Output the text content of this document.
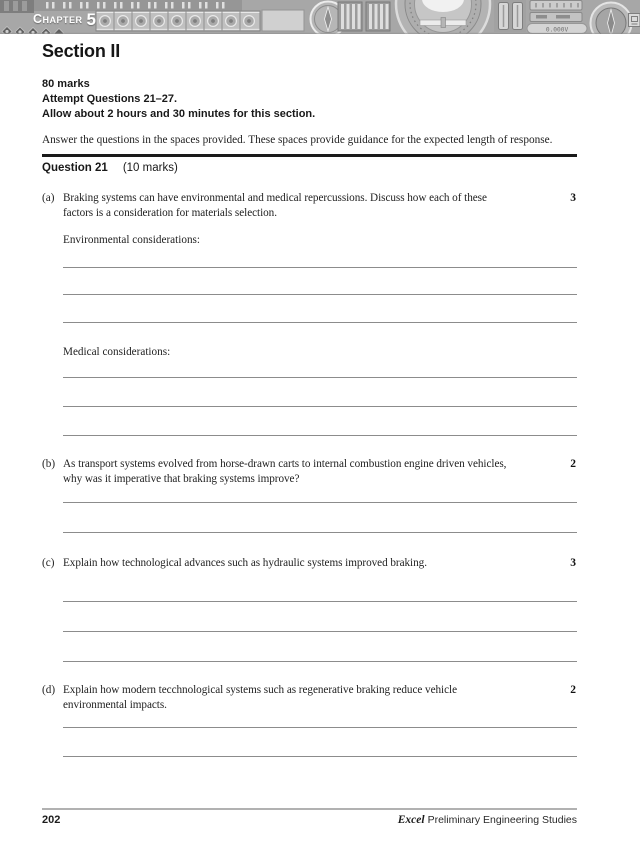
0.000V
Chapter 5
Section II
80 marks
Attempt Questions 21–27.
Allow about 2 hours and 30 minutes for this section.
Answer the questions in the spaces provided. These spaces provide guidance for the expected length of response.
Question 21 (10 marks)
(a)	3
Braking systems can have environmental and medical repercussions. Discuss how each of these
factors is a consideration for materials selection.
Environmental considerations:
Medical considerations:
(b)	2
As transport systems evolved from horse-drawn carts to internal combustion engine driven vehicles,
why was it imperative that braking systems improve?
(c)	3
Explain how technological advances such as hydraulic systems improved braking.
(d)	2
Explain how modern tecchnological systems such as regenerative braking reduce vehicle
environmental impacts.
202	Excel Preliminary Engineering Studies
